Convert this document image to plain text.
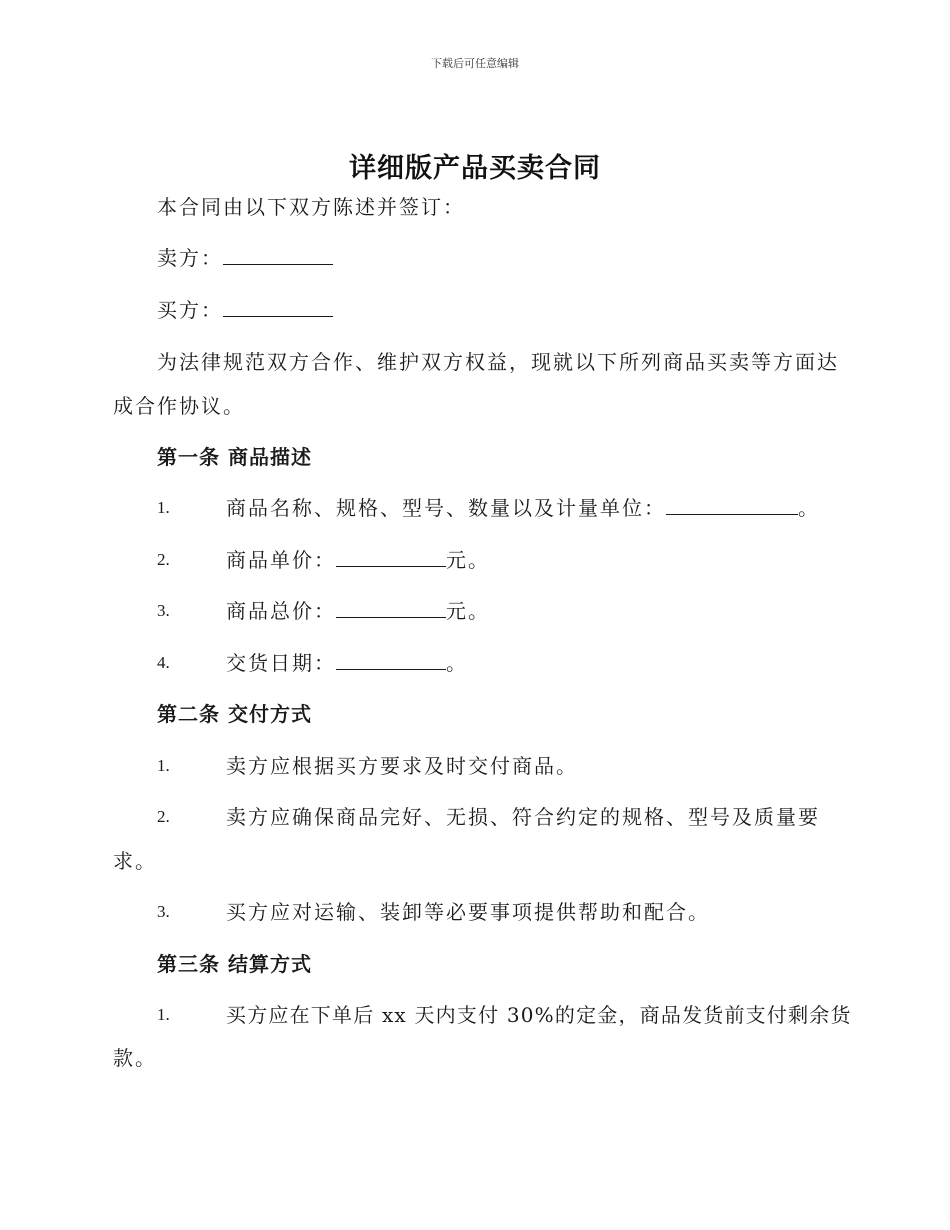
下载后可任意编辑
详细版产品买卖合同
本合同由以下双方陈述并签订：
卖方：
买方：
为法律规范双方合作、维护双方权益，现就以下所列商品买卖等方面达
成合作协议。
第一条 商品描述
1.	商品名称、规格、型号、数量以及计量单位：	。
2.	商品单价：	元。
3.	商品总价：	元。
4.	交货日期：	。
第二条 交付方式
1.	卖方应根据买方要求及时交付商品。
2.	卖方应确保商品完好、无损、符合约定的规格、型号及质量要
求。
3.	买方应对运输、装卸等必要事项提供帮助和配合。
第三条 结算方式
1.	买方应在下单后 xx 天内支付 30%的定金，商品发货前支付剩余货
款。
